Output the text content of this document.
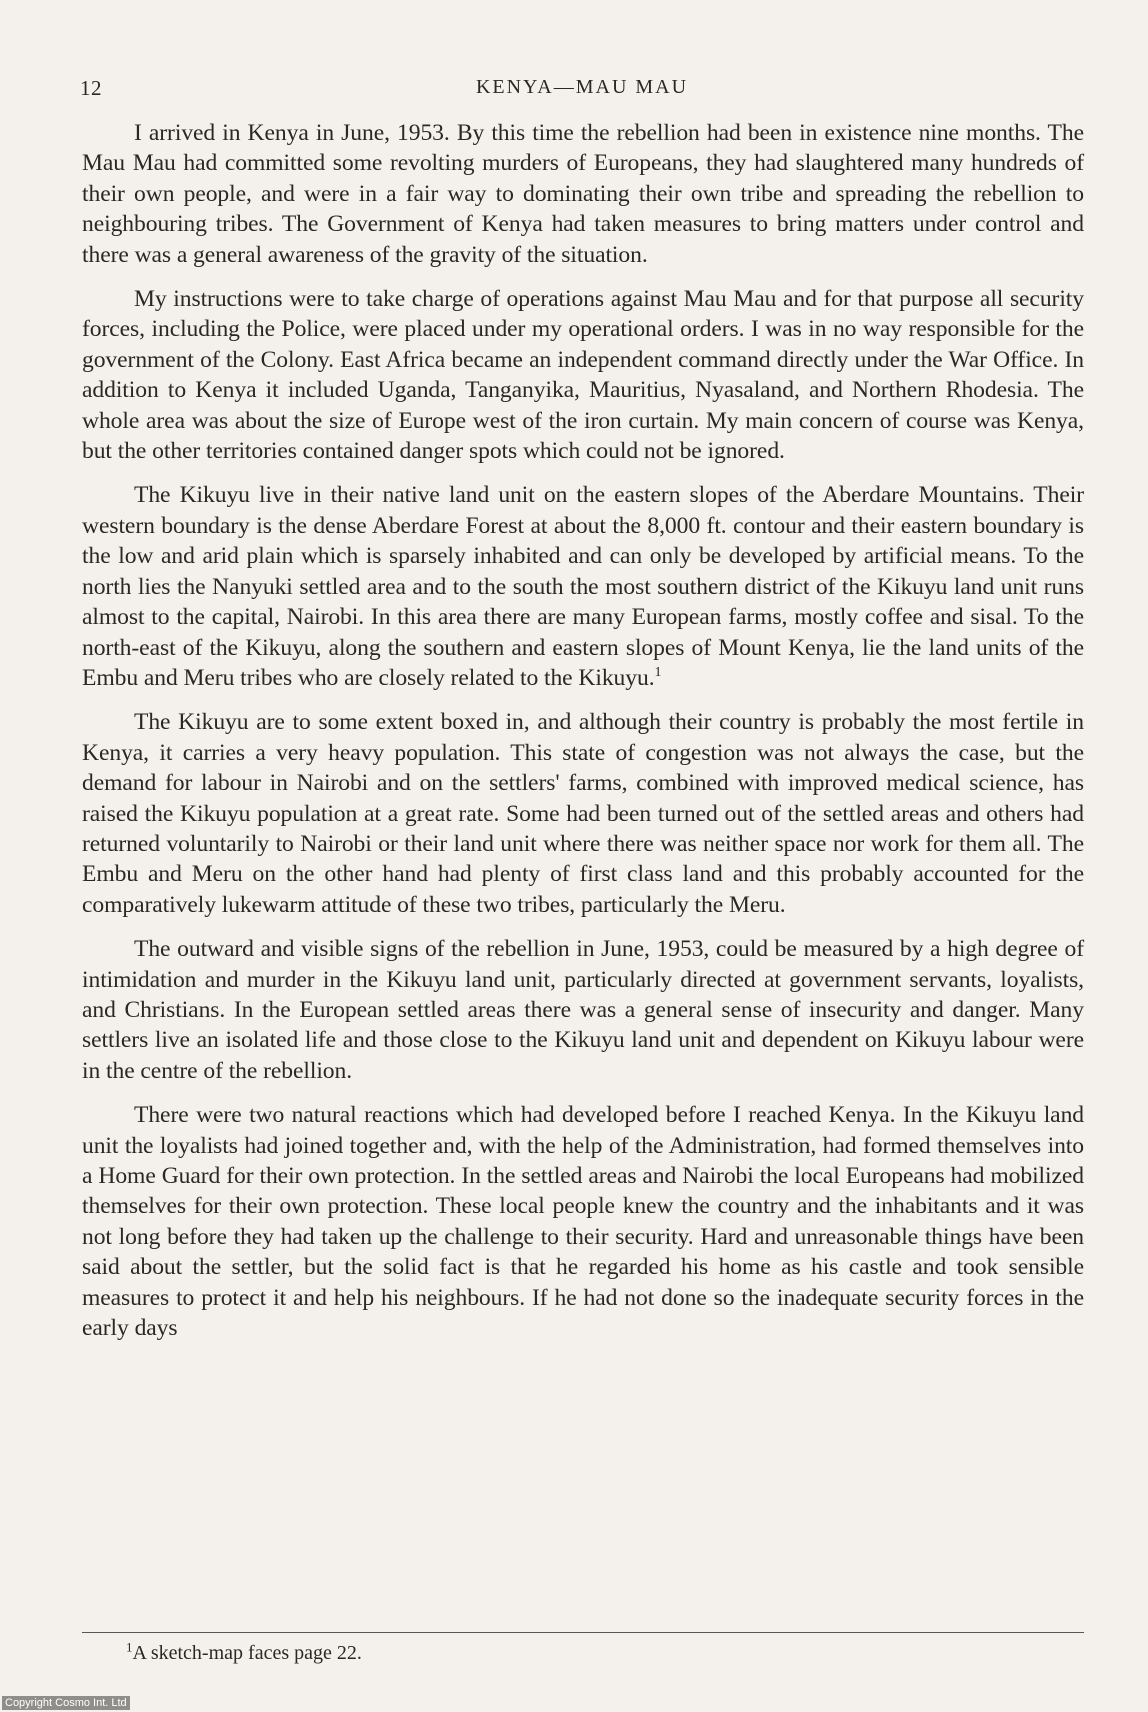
12	KENYA—MAU MAU

I arrived in Kenya in June, 1953. By this time the rebellion had been in existence nine months. The Mau Mau had committed some revolting murders of Europeans, they had slaughtered many hundreds of their own people, and were in a fair way to dominating their own tribe and spreading the rebellion to neighbouring tribes. The Government of Kenya had taken measures to bring matters under control and there was a general awareness of the gravity of the situation.

My instructions were to take charge of operations against Mau Mau and for that purpose all security forces, including the Police, were placed under my operational orders. I was in no way responsible for the government of the Colony. East Africa became an independent command directly under the War Office. In addition to Kenya it included Uganda, Tanganyika, Mauritius, Nyasaland, and Northern Rhodesia. The whole area was about the size of Europe west of the iron curtain. My main concern of course was Kenya, but the other territories contained danger spots which could not be ignored.

The Kikuyu live in their native land unit on the eastern slopes of the Aberdare Mountains. Their western boundary is the dense Aberdare Forest at about the 8,000 ft. contour and their eastern boundary is the low and arid plain which is sparsely inhabited and can only be developed by artificial means. To the north lies the Nanyuki settled area and to the south the most southern district of the Kikuyu land unit runs almost to the capital, Nairobi. In this area there are many European farms, mostly coffee and sisal. To the north-east of the Kikuyu, along the southern and eastern slopes of Mount Kenya, lie the land units of the Embu and Meru tribes who are closely related to the Kikuyu.$^1$

The Kikuyu are to some extent boxed in, and although their country is probably the most fertile in Kenya, it carries a very heavy population. This state of congestion was not always the case, but the demand for labour in Nairobi and on the settlers' farms, combined with improved medical science, has raised the Kikuyu population at a great rate. Some had been turned out of the settled areas and others had returned voluntarily to Nairobi or their land unit where there was neither space nor work for them all. The Embu and Meru on the other hand had plenty of first class land and this probably accounted for the comparatively lukewarm attitude of these two tribes, particularly the Meru.

The outward and visible signs of the rebellion in June, 1953, could be measured by a high degree of intimidation and murder in the Kikuyu land unit, particularly directed at government servants, loyalists, and Christians. In the European settled areas there was a general sense of insecurity and danger. Many settlers live an isolated life and those close to the Kikuyu land unit and dependent on Kikuyu labour were in the centre of the rebellion.

There were two natural reactions which had developed before I reached Kenya. In the Kikuyu land unit the loyalists had joined together and, with the help of the Administration, had formed themselves into a Home Guard for their own protection. In the settled areas and Nairobi the local Europeans had mobilized themselves for their own protection. These local people knew the country and the inhabitants and it was not long before they had taken up the challenge to their security. Hard and unreasonable things have been said about the settler, but the solid fact is that he regarded his home as his castle and took sensible measures to protect it and help his neighbours. If he had not done so the inadequate security forces in the early days

$^1$A sketch-map faces page 22.
Copyright Cosmo Int. Ltd
